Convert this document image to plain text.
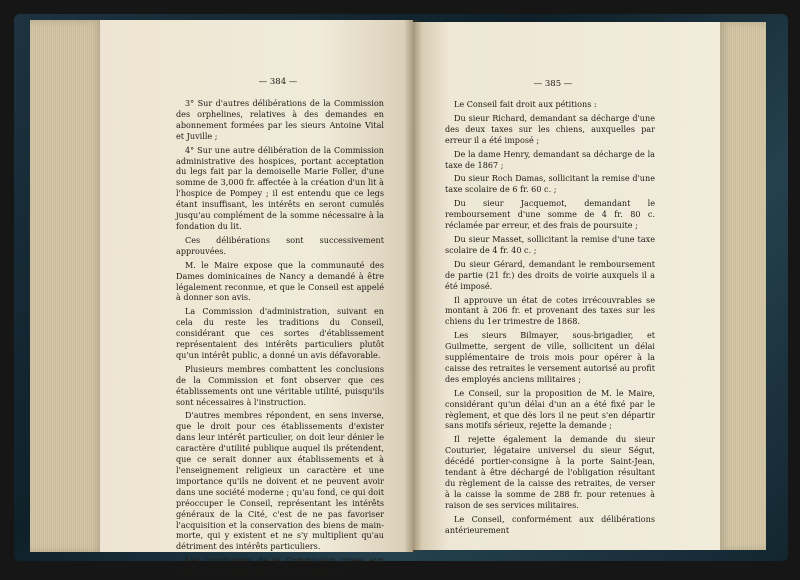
— 384 —

3° Sur d'autres délibérations de la Commission des orphelines, relatives à des demandes en abonnement formées par les sieurs Antoine Vital et Juville ;

4° Sur une autre délibération de la Commission administrative des hospices, portant acceptation du legs fait par la demoiselle Marie Foller, d'une somme de 3,000 fr. affectée à la création d'un lit à l'hospice de Pompey ; il est entendu que ce legs étant insuffisant, les intérêts en seront cumulés jusqu'au complément de la somme nécessaire à la fondation du lit.

Ces délibérations sont successivement approuvées.

M. le Maire expose que la communauté des Dames dominicaines de Nancy a demandé à être légalement reconnue, et que le Conseil est appelé à donner son avis.

La Commission d'administration, suivant en cela du reste les traditions du Conseil, considérant que ces sortes d'établissement représentaient des intérêts particuliers plutôt qu'un intérêt public, a donné un avis défavorable.

Plusieurs membres combattent les conclusions de la Commission et font observer que ces établissements ont une véritable utilité, puisqu'ils sont nécessaires à l'instruction.

D'autres membres répondent, en sens inverse, que le droit pour ces établissements d'exister dans leur intérêt particulier, on doit leur dénier le caractère d'utilité publique auquel ils prétendent, que ce serait donner aux établissements et à l'enseignement religieux un caractère et une importance qu'ils ne doivent et ne peuvent avoir dans une société moderne ; qu'au fond, ce qui doit préoccuper le Conseil, représentant les intérêts généraux de la Cité, c'est de ne pas favoriser l'acquisition et la conservation des biens de main-morte, qui y existent et ne s'y multiplient qu'au détriment des intérêts particuliers.

Les conclusions de la Commission mises aux voix sont adoptées par 19 voix contre 3.

— 385 —

Le Conseil fait droit aux pétitions :

Du sieur Richard, demandant sa décharge d'une des deux taxes sur les chiens, auxquelles par erreur il a été imposé ;

De la dame Henry, demandant sa décharge de la taxe de 1867 ;

Du sieur Roch Damas, sollicitant la remise d'une taxe scolaire de 6 fr. 60 c. ;

Du sieur Jacquemot, demandant le remboursement d'une somme de 4 fr. 80 c. réclamée par erreur, et des frais de poursuite ;

Du sieur Masset, sollicitant la remise d'une taxe scolaire de 4 fr. 40 c. ;

Du sieur Gérard, demandant le remboursement de partie (21 fr.) des droits de voirie auxquels il a été imposé.

Il approuve un état de cotes irrécouvrables se montant à 206 fr. et provenant des taxes sur les chiens du 1er trimestre de 1868.

Les sieurs Bilmayer, sous-brigadier, et Guilmette, sergent de ville, sollicitent un délai supplémentaire de trois mois pour opérer à la caisse des retraites le versement autorisé au profit des employés anciens militaires ;

Le Conseil, sur la proposition de M. le Maire, considérant qu'un délai d'un an a été fixé par le règlement, et que dès lors il ne peut s'en départir sans motifs sérieux, rejette la demande ;

Il rejette également la demande du sieur Couturier, légataire universel du sieur Ségut, décédé portier-consigne à la porte Saint-Jean, tendant à être déchargé de l'obligation résultant du règlement de la caisse des retraites, de verser à la caisse la somme de 288 fr. pour retenues à raison de ses services militaires.

Le Conseil, conformément aux délibérations antérieurement
